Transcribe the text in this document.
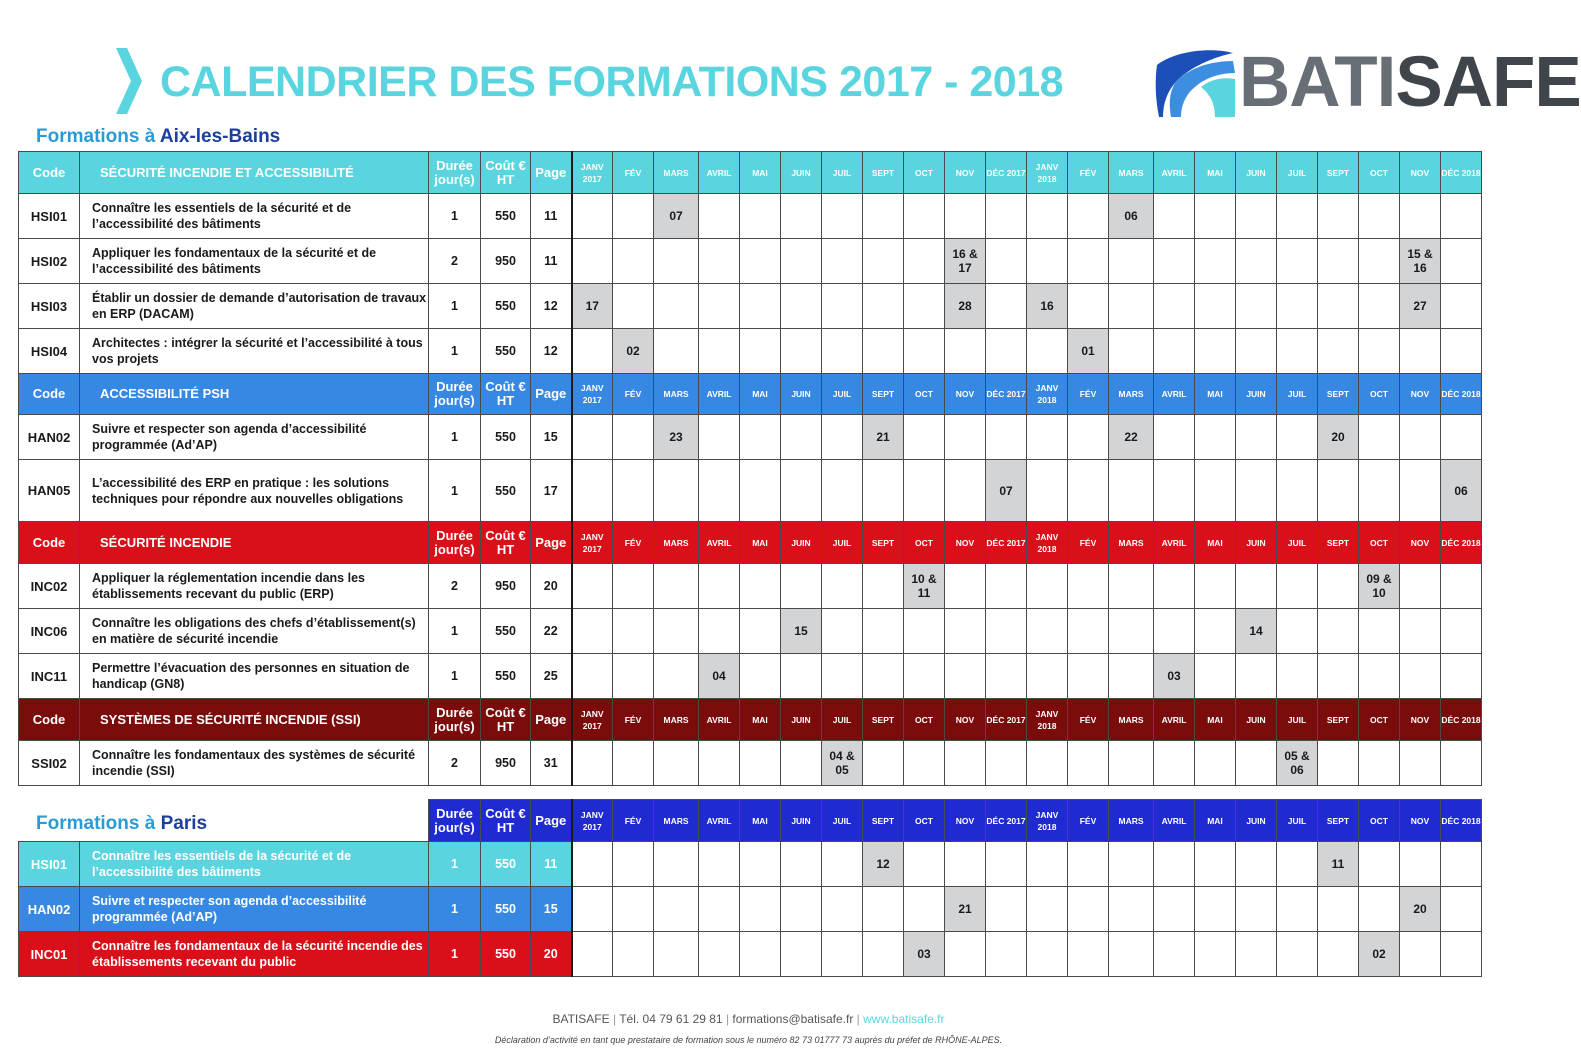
CALENDRIER DES FORMATIONS 2017 - 2018 BATISAFE
Formations à Aix-les-Bains
Code	SÉCURITÉ INCENDIE ET ACCESSIBILITÉ	Durée jour(s)	Coût € HT	Page	JANV 2017	FÉV	MARS	AVRIL	MAI	JUIN	JUIL	SEPT	OCT	NOV	DÉC 2017	JANV 2018	FÉV	MARS	AVRIL	MAI	JUIN	JUIL	SEPT	OCT	NOV	DÉC 2018
HSI01	Connaître les essentiels de la sécurité et de l’accessibilité des bâtiments	1	550	11			07											06								
HSI02	Appliquer les fondamentaux de la sécurité et de l’accessibilité des bâtiments	2	950	11										16 & 17											15 & 16	
HSI03	Établir un dossier de demande d’autorisation de travaux en ERP (DACAM)	1	550	12	17									28		16									27	
HSI04	Architectes : intégrer la sécurité et l’accessibilité à tous vos projets	1	550	12		02											01									
Code	ACCESSIBILITÉ PSH	Durée jour(s)	Coût € HT	Page	JANV 2017	FÉV	MARS	AVRIL	MAI	JUIN	JUIL	SEPT	OCT	NOV	DÉC 2017	JANV 2018	FÉV	MARS	AVRIL	MAI	JUIN	JUIL	SEPT	OCT	NOV	DÉC 2018
HAN02	Suivre et respecter son agenda d’accessibilité programmée (Ad’AP)	1	550	15			23					21						22					20			
HAN05	L’accessibilité des ERP en pratique : les solutions techniques pour répondre aux nouvelles obligations	1	550	17											07											06
Code	SÉCURITÉ INCENDIE	Durée jour(s)	Coût € HT	Page	JANV 2017	FÉV	MARS	AVRIL	MAI	JUIN	JUIL	SEPT	OCT	NOV	DÉC 2017	JANV 2018	FÉV	MARS	AVRIL	MAI	JUIN	JUIL	SEPT	OCT	NOV	DÉC 2018
INC02	Appliquer la réglementation incendie dans les établissements recevant du public (ERP)	2	950	20									10 & 11											09 & 10		
INC06	Connaître les obligations des chefs d’établissement(s) en matière de sécurité incendie	1	550	22						15											14					
INC11	Permettre l’évacuation des personnes en situation de handicap (GN8)	1	550	25				04											03							
Code	SYSTÈMES DE SÉCURITÉ INCENDIE (SSI)	Durée jour(s)	Coût € HT	Page	JANV 2017	FÉV	MARS	AVRIL	MAI	JUIN	JUIL	SEPT	OCT	NOV	DÉC 2017	JANV 2018	FÉV	MARS	AVRIL	MAI	JUIN	JUIL	SEPT	OCT	NOV	DÉC 2018
SSI02	Connaître les fondamentaux des systèmes de sécurité incendie (SSI)	2	950	31							04 & 05											05 & 06				
Formations à Paris
			Durée jour(s)	Coût € HT	Page	JANV 2017	FÉV	MARS	AVRIL	MAI	JUIN	JUIL	SEPT	OCT	NOV	DÉC 2017	JANV 2018	FÉV	MARS	AVRIL	MAI	JUIN	JUIL	SEPT	OCT	NOV	DÉC 2018
HSI01	Connaître les essentiels de la sécurité et de l’accessibilité des bâtiments	1	550	11								12											11			
HAN02	Suivre et respecter son agenda d’accessibilité programmée (Ad’AP)	1	550	15										21											20	
INC01	Connaître les fondamentaux de la sécurité incendie des établissements recevant du public	1	550	20									03											02		
BATISAFE | Tél. 04 79 61 29 81 | formations@batisafe.fr | www.batisafe.fr
Déclaration d’activité en tant que prestataire de formation sous le numéro 82 73 01777 73 auprès du préfet de RHÔNE-ALPES.
